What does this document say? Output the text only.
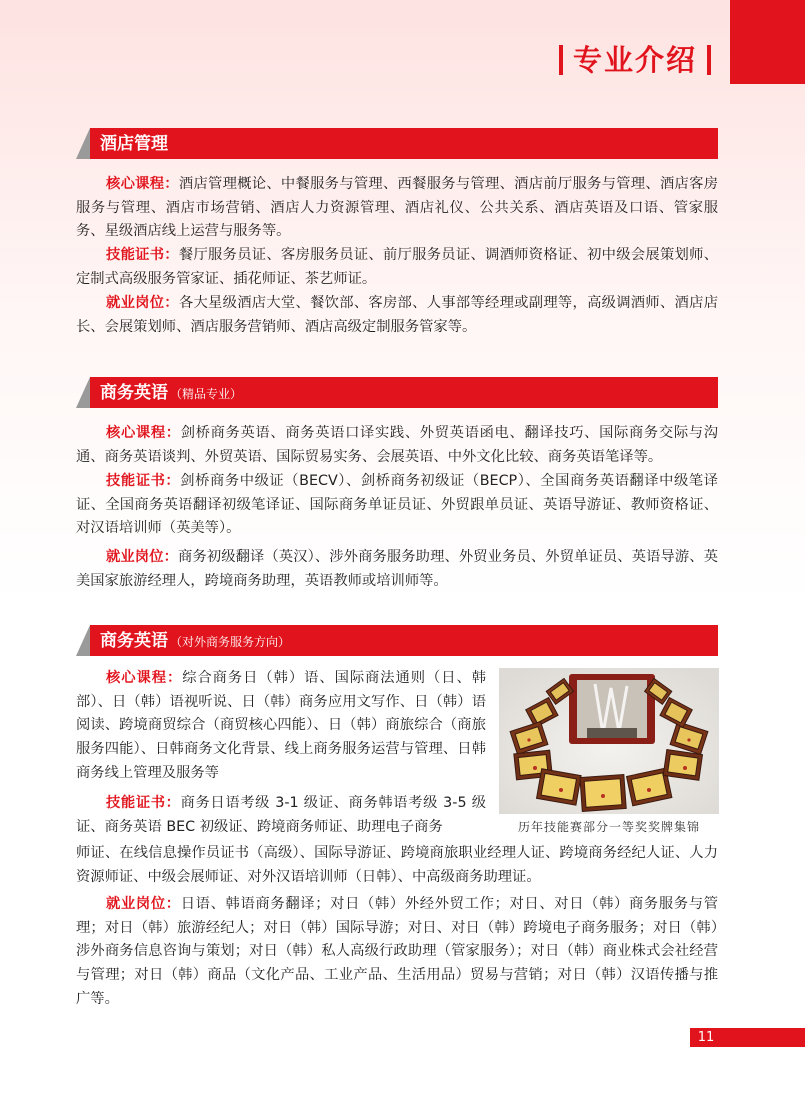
专业介绍
酒店管理

核心课程：酒店管理概论、中餐服务与管理、西餐服务与管理、酒店前厅服务与管理、酒店客房服务与管理、酒店市场营销、酒店人力资源管理、酒店礼仪、公共关系、酒店英语及口语、管家服务、星级酒店线上运营与服务等。

技能证书：餐厅服务员证、客房服务员证、前厅服务员证、调酒师资格证、初中级会展策划师、定制式高级服务管家证、插花师证、茶艺师证。

就业岗位：各大星级酒店大堂、餐饮部、客房部、人事部等经理或副理等，高级调酒师、酒店店长、会展策划师、酒店服务营销师、酒店高级定制服务管家等。

商务英语 （精品专业）

核心课程：剑桥商务英语、商务英语口译实践、外贸英语函电、翻译技巧、国际商务交际与沟通、商务英语谈判、外贸英语、国际贸易实务、会展英语、中外文化比较、商务英语笔译等。

技能证书：剑桥商务中级证（BECV）、剑桥商务初级证（BECP）、全国商务英语翻译中级笔译证、全国商务英语翻译初级笔译证、国际商务单证员证、外贸跟单员证、英语导游证、教师资格证、对汉语培训师（英美等）。

就业岗位：商务初级翻译（英汉）、涉外商务服务助理、外贸业务员、外贸单证员、英语导游、英美国家旅游经理人，跨境商务助理，英语教师或培训师等。

商务英语 （对外商务服务方向）

核心课程：综合商务日（韩）语、国际商法通则（日、韩部）、日（韩）语视听说、日（韩）商务应用文写作、日（韩）语阅读、跨境商贸综合（商贸核心四能）、日（韩）商旅综合（商旅服务四能）、日韩商务文化背景、线上商务服务运营与管理、日韩商务线上管理及服务等

技能证书：商务日语考级 3-1 级证、商务韩语考级 3-5 级证、商务英语 BEC 初级证、跨境商务师证、助理电子商务

师证、在线信息操作员证书（高级）、国际导游证、跨境商旅职业经理人证、跨境商务经纪人证、人力资源师证、中级会展师证、对外汉语培训师（日韩）、中高级商务助理证。

就业岗位：日语、韩语商务翻译；对日（韩）外经外贸工作；对日、对日（韩）商务服务与管理；对日（韩）旅游经纪人；对日（韩）国际导游；对日、对日（韩）跨境电子商务服务；对日（韩）涉外商务信息咨询与策划；对日（韩）私人高级行政助理（管家服务）；对日（韩）商业株式会社经营与管理；对日（韩）商品（文化产品、工业产品、生活用品）贸易与营销；对日（韩）汉语传播与推广等。

历年技能赛部分一等奖奖牌集锦
11
